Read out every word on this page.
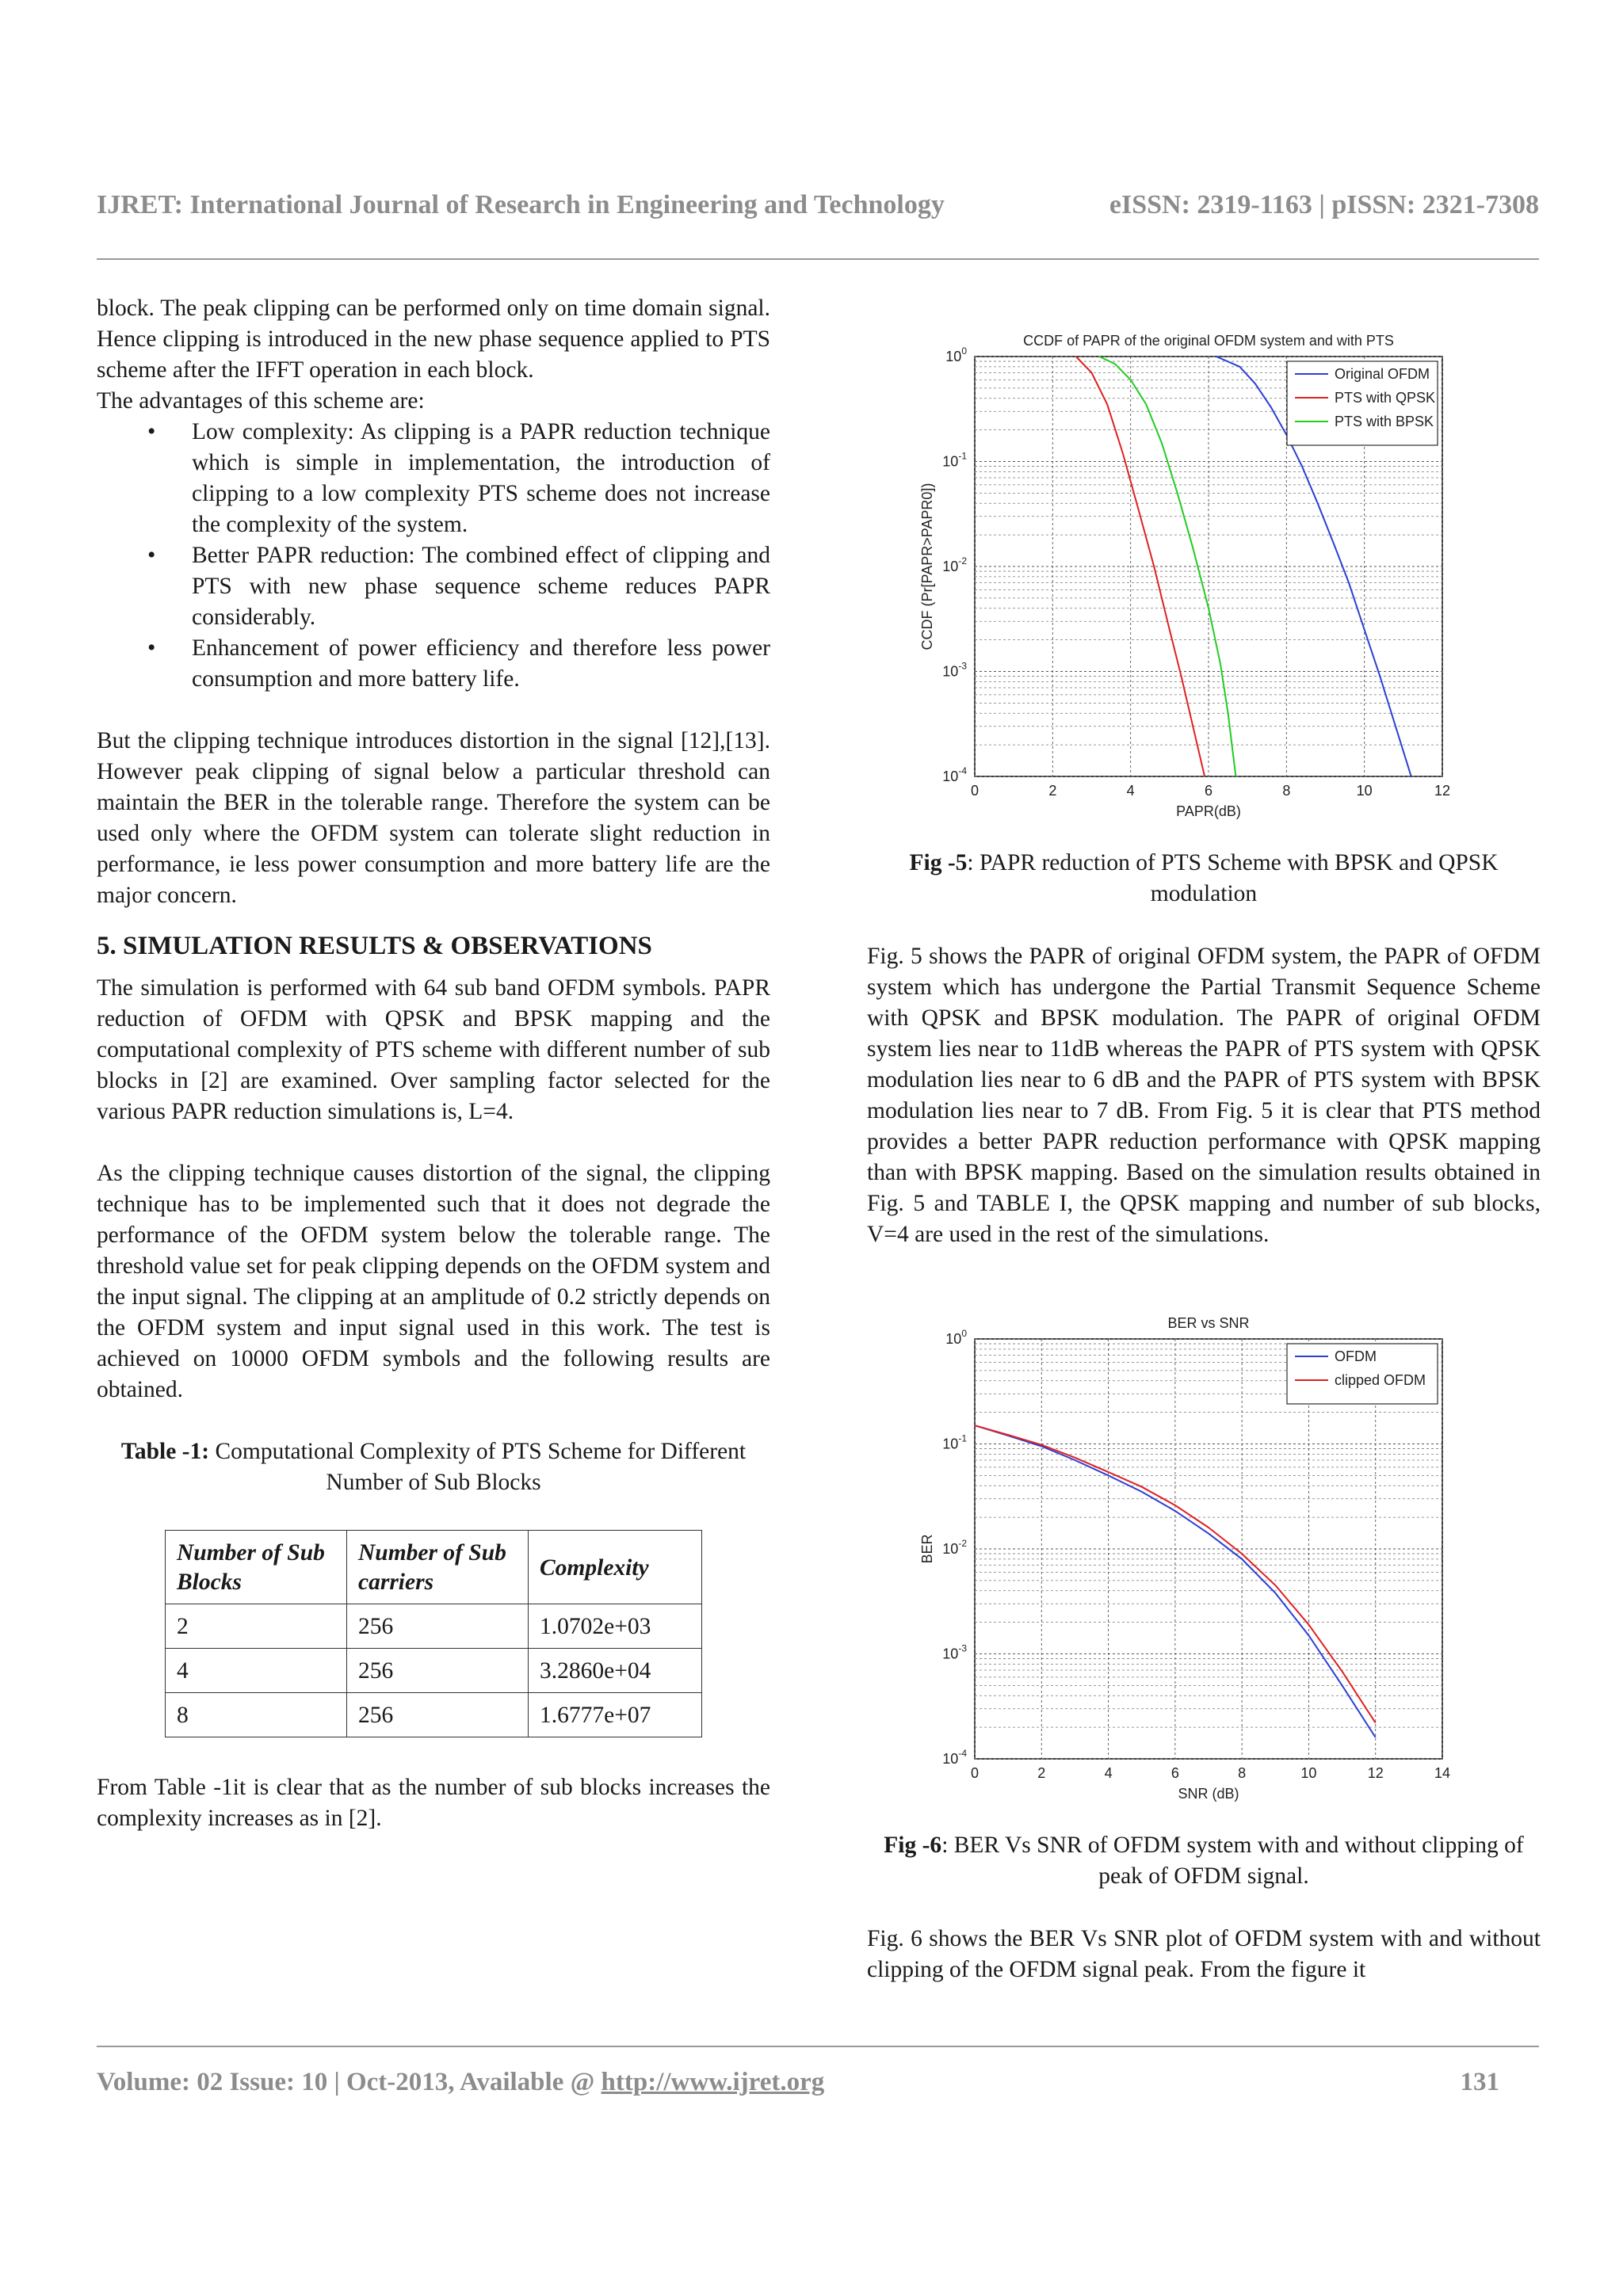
IJRET: International Journal of Research in Engineering and Technology	eISSN: 2319-1163 | pISSN: 2321-7308

block. The peak clipping can be performed only on time domain signal. Hence clipping is introduced in the new phase sequence applied to PTS scheme after the IFFT operation in each block.

The advantages of this scheme are:

• Low complexity: As clipping is a PAPR reduction technique which is simple in implementation, the introduction of clipping to a low complexity PTS scheme does not increase the complexity of the system.
• Better PAPR reduction: The combined effect of clipping and PTS with new phase sequence scheme reduces PAPR considerably.
• Enhancement of power efficiency and therefore less power consumption and more battery life.

But the clipping technique introduces distortion in the signal [12],[13]. However peak clipping of signal below a particular threshold can maintain the BER in the tolerable range. Therefore the system can be used only where the OFDM system can tolerate slight reduction in performance, ie less power consumption and more battery life are the major concern.

5. SIMULATION RESULTS & OBSERVATIONS

The simulation is performed with 64 sub band OFDM symbols. PAPR reduction of OFDM with QPSK and BPSK mapping and the computational complexity of PTS scheme with different number of sub blocks in [2] are examined. Over sampling factor selected for the various PAPR reduction simulations is, L=4.

As the clipping technique causes distortion of the signal, the clipping technique has to be implemented such that it does not degrade the performance of the OFDM system below the tolerable range. The threshold value set for peak clipping depends on the OFDM system and the input signal. The clipping at an amplitude of 0.2 strictly depends on the OFDM system and input signal used in this work. The test is achieved on 10000 OFDM symbols and the following results are obtained.

Table -1: Computational Complexity of PTS Scheme for Different Number of Sub Blocks

Number of Sub Blocks	Number of Sub carriers	Complexity
2	256	1.0702e+03
4	256	3.2860e+04
8	256	1.6777e+07

From Table -1it is clear that as the number of sub blocks increases the complexity increases as in [2].

$10^0$
$10^{-1}$
$10^{-2}$
$10^{-3}$
$10^{-4}$
0	2	4	6	8	10	12
CCDF of PAPR of the original OFDM system and with PTS
PAPR(dB)
CCDF (Pr[PAPR>PAPR0])
Original OFDM
PTS with QPSK
PTS with BPSK

Fig -5: PAPR reduction of PTS Scheme with BPSK and QPSK modulation

Fig. 5 shows the PAPR of original OFDM system, the PAPR of OFDM system which has undergone the Partial Transmit Sequence Scheme with QPSK and BPSK modulation. The PAPR of original OFDM system lies near to 11dB whereas the PAPR of PTS system with QPSK modulation lies near to 6 dB and the PAPR of PTS system with BPSK modulation lies near to 7 dB. From Fig. 5 it is clear that PTS method provides a better PAPR reduction performance with QPSK mapping than with BPSK mapping. Based on the simulation results obtained in Fig. 5 and TABLE I, the QPSK mapping and number of sub blocks, V=4 are used in the rest of the simulations.

$10^0$
$10^{-1}$
$10^{-2}$
$10^{-3}$
$10^{-4}$
0	2	4	6	8	10	12	14
BER vs SNR
SNR (dB)
BER
OFDM
clipped OFDM

Fig -6: BER Vs SNR of OFDM system with and without clipping of peak of OFDM signal.

Fig. 6 shows the BER Vs SNR plot of OFDM system with and without clipping of the OFDM signal peak. From the figure it

Volume: 02 Issue: 10 | Oct-2013, Available @ http://www.ijret.org	131
